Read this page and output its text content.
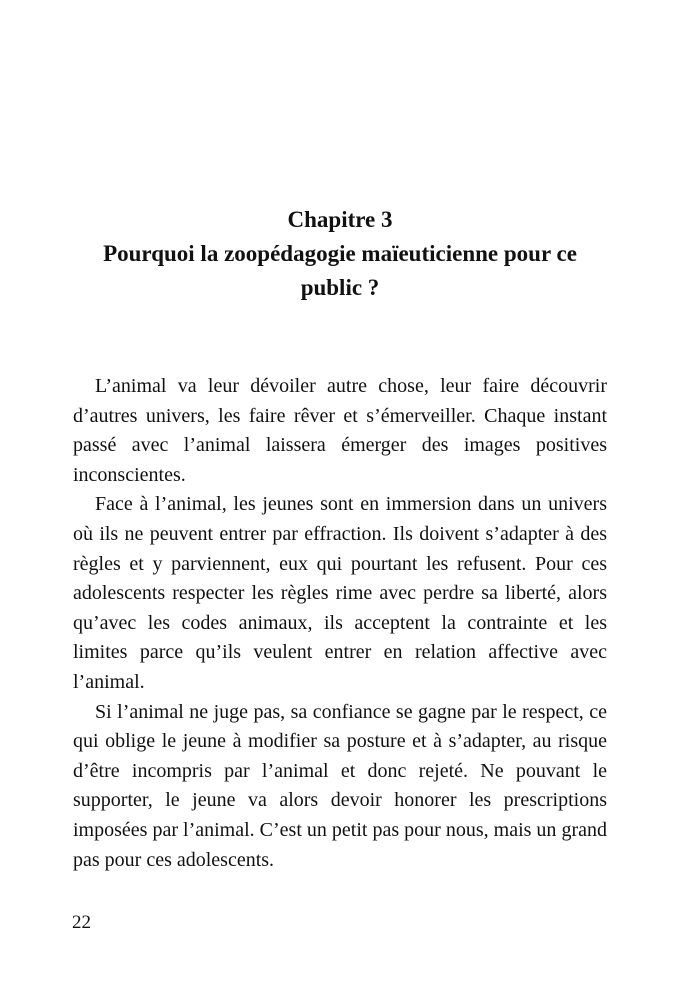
Chapitre 3
Pourquoi la zoopédagogie maïeuticienne pour ce public ?

L’animal va leur dévoiler autre chose, leur faire découvrir d’autres univers, les faire rêver et s’émerveiller. Chaque instant passé avec l’animal laissera émerger des images positives inconscientes.

Face à l’animal, les jeunes sont en immersion dans un univers où ils ne peuvent entrer par effraction. Ils doivent s’adapter à des règles et y parviennent, eux qui pourtant les refusent. Pour ces adolescents respecter les règles rime avec perdre sa liberté, alors qu’avec les codes animaux, ils acceptent la contrainte et les limites parce qu’ils veulent entrer en relation affective avec l’animal.

Si l’animal ne juge pas, sa confiance se gagne par le respect, ce qui oblige le jeune à modifier sa posture et à s’adapter, au risque d’être incompris par l’animal et donc rejeté. Ne pouvant le supporter, le jeune va alors devoir honorer les prescriptions imposées par l’animal. C’est un petit pas pour nous, mais un grand pas pour ces adolescents.

22
